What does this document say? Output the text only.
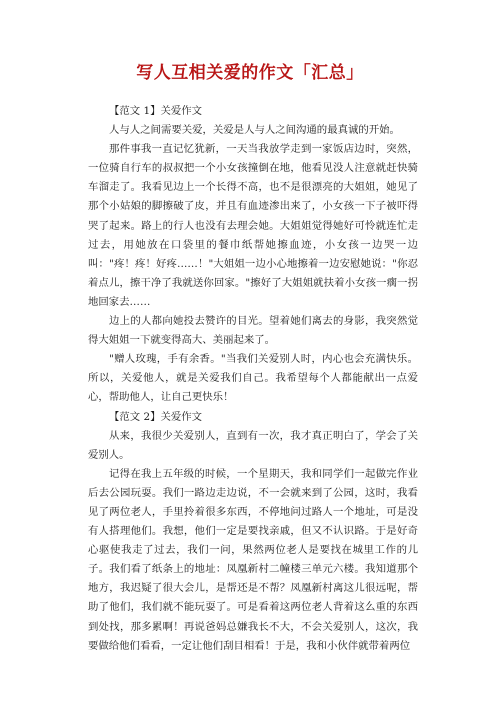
写人互相关爱的作文「汇总」

【范文 1】关爱作文

人与人之间需要关爱，关爱是人与人之间沟通的最真诚的开始。

那件事我一直记忆犹新，一天当我放学走到一家饭店边时，突然，一位骑自行车的叔叔把一个小女孩撞倒在地，他看见没人注意就赶快骑车溜走了。我看见边上一个长得不高，也不是很漂亮的大姐姐，她见了那个小姑娘的脚擦破了皮，并且有血迹渗出来了，小女孩一下子被吓得哭了起来。路上的行人也没有去理会她。大姐姐觉得她好可怜就连忙走过去，用她放在口袋里的餐巾纸帮她擦血迹，小女孩一边哭一边叫："疼！疼！好疼……！"大姐姐一边小心地擦着一边安慰她说："你忍着点儿，擦干净了我就送你回家。"擦好了大姐姐就扶着小女孩一瘸一拐地回家去……

边上的人都向她投去赞许的目光。望着她们离去的身影，我突然觉得大姐姐一下就变得高大、美丽起来了。

"赠人玫瑰，手有余香。"当我们关爱别人时，内心也会充满快乐。所以，关爱他人，就是关爱我们自己。我希望每个人都能献出一点爱心，帮助他人，让自己更快乐！

【范文 2】关爱作文

从来，我很少关爱别人，直到有一次，我才真正明白了，学会了关爱别人。

记得在我上五年级的时候，一个星期天，我和同学们一起做完作业后去公园玩耍。我们一路边走边说，不一会就来到了公园，这时，我看见了两位老人，手里拎着很多东西，不停地问过路人一个地址，可是没有人搭理他们。我想，他们一定是要找亲戚，但又不认识路。于是好奇心驱使我走了过去，我们一问，果然两位老人是要找在城里工作的儿子。我们看了纸条上的地址：凤凰新村二幢楼三单元六楼。我知道那个地方，我迟疑了很大会儿，是帮还是不帮？凤凰新村离这儿很远呢，帮助了他们，我们就不能玩耍了。可是看着这两位老人背着这么重的东西到处找，那多累啊！再说爸妈总嫌我长不大，不会关爱别人，这次，我要做给他们看看，一定让他们刮目相看！于是，我和小伙伴就带着两位
